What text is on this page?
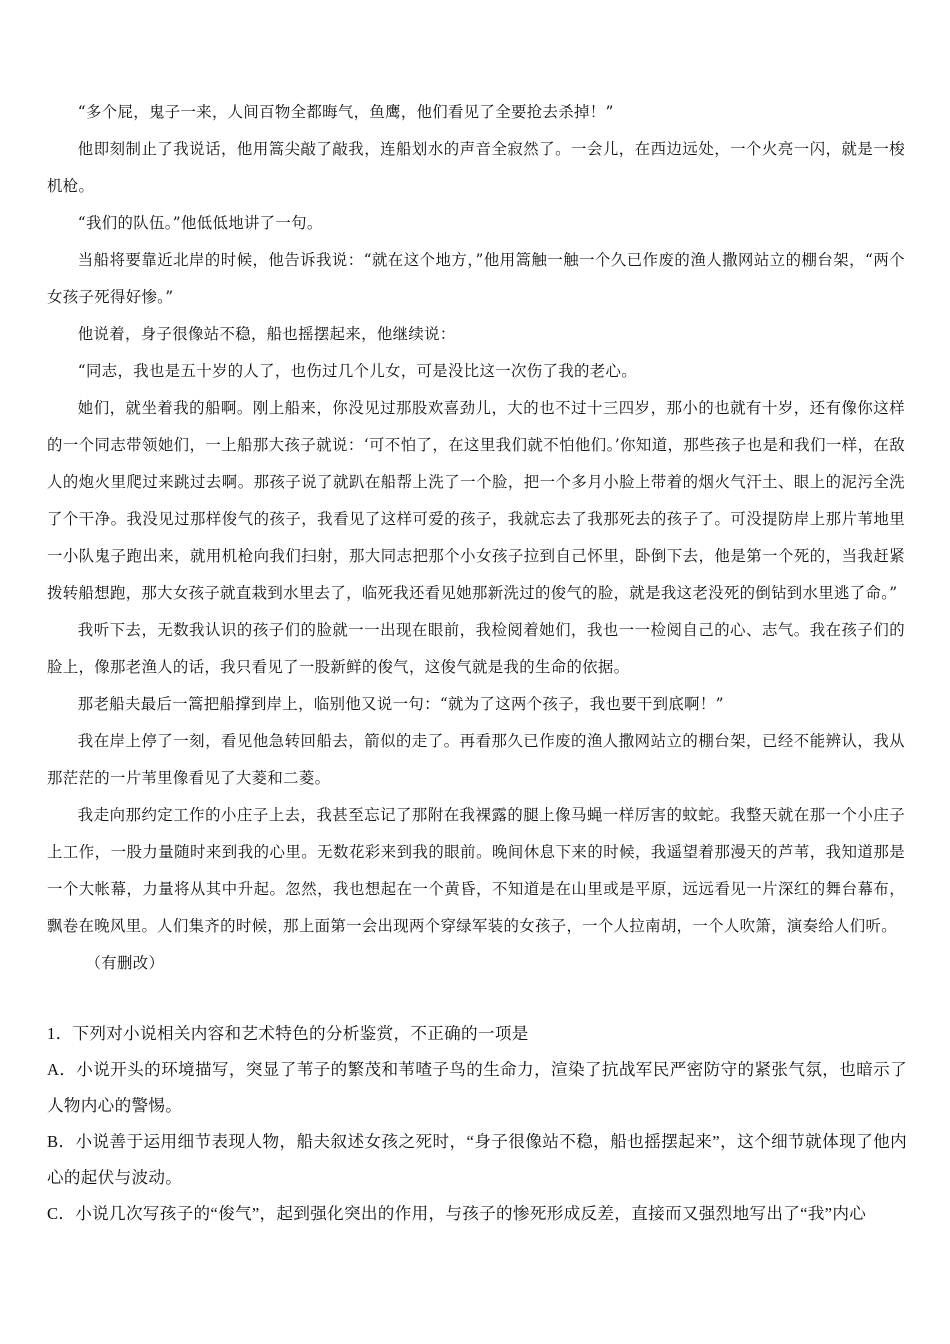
“多个屁，鬼子一来，人间百物全都晦气，鱼鹰，他们看见了全要抢去杀掉！”

他即刻制止了我说话，他用篙尖敲了敲我，连船划水的声音全寂然了。一会儿，在西边远处，一个火亮一闪，就是一梭机枪。

“我们的队伍。”他低低地讲了一句。

当船将要靠近北岸的时候，他告诉我说：“就在这个地方，”他用篙触一触一个久已作废的渔人撒网站立的棚台架，“两个女孩子死得好惨。”

他说着，身子很像站不稳，船也摇摆起来，他继续说：

“同志，我也是五十岁的人了，也伤过几个儿女，可是没比这一次伤了我的老心。

她们，就坐着我的船啊。刚上船来，你没见过那股欢喜劲儿，大的也不过十三四岁，那小的也就有十岁，还有像你这样的一个同志带领她们，一上船那大孩子就说：‘可不怕了，在这里我们就不怕他们。’你知道，那些孩子也是和我们一样，在敌人的炮火里爬过来跳过去啊。那孩子说了就趴在船帮上洗了一个脸，把一个多月小脸上带着的烟火气汗土、眼上的泥污全洗了个干净。我没见过那样俊气的孩子，我看见了这样可爱的孩子，我就忘去了我那死去的孩子了。可没提防岸上那片苇地里一小队鬼子跑出来，就用机枪向我们扫射，那大同志把那个小女孩子拉到自己怀里，卧倒下去，他是第一个死的，当我赶紧拨转船想跑，那大女孩子就直栽到水里去了，临死我还看见她那新洗过的俊气的脸，就是我这老没死的倒钻到水里逃了命。”

我听下去，无数我认识的孩子们的脸就一一出现在眼前，我检阅着她们，我也一一检阅自己的心、志气。我在孩子们的脸上，像那老渔人的话，我只看见了一股新鲜的俊气，这俊气就是我的生命的依据。

那老船夫最后一篙把船撑到岸上，临别他又说一句：“就为了这两个孩子，我也要干到底啊！”

我在岸上停了一刻，看见他急转回船去，箭似的走了。再看那久已作废的渔人撒网站立的棚台架，已经不能辨认，我从那茫茫的一片苇里像看见了大菱和二菱。

我走向那约定工作的小庄子上去，我甚至忘记了那附在我裸露的腿上像马蝇一样厉害的蚊蛇。我整天就在那一个小庄子上工作，一股力量随时来到我的心里。无数花彩来到我的眼前。晚间休息下来的时候，我遥望着那漫天的芦苇，我知道那是一个大帐幕，力量将从其中升起。忽然，我也想起在一个黄昏，不知道是在山里或是平原，远远看见一片深红的舞台幕布，飘卷在晚风里。人们集齐的时候，那上面第一会出现两个穿绿军装的女孩子，一个人拉南胡，一个人吹箫，演奏给人们听。

（有删改）

1．下列对小说相关内容和艺术特色的分析鉴赏，不正确的一项是

A．小说开头的环境描写，突显了苇子的繁茂和苇喳子鸟的生命力，渲染了抗战军民严密防守的紧张气氛，也暗示了人物内心的警惕。

B．小说善于运用细节表现人物，船夫叙述女孩之死时，“身子很像站不稳，船也摇摆起来”，这个细节就体现了他内心的起伏与波动。

C．小说几次写孩子的“俊气”，起到强化突出的作用，与孩子的惨死形成反差，直接而又强烈地写出了“我”内心
